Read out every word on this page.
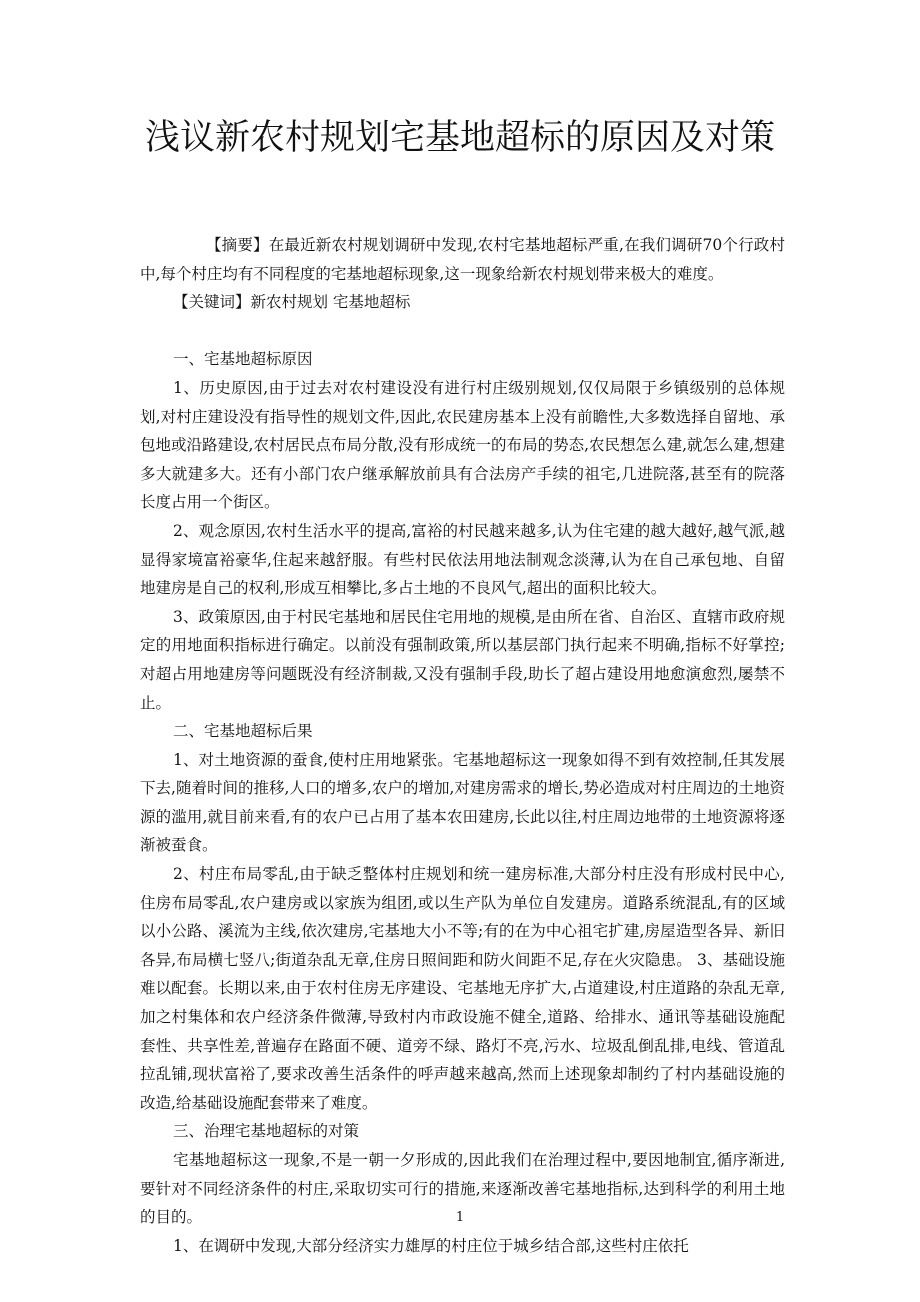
浅议新农村规划宅基地超标的原因及对策

【摘要】在最近新农村规划调研中发现,农村宅基地超标严重,在我们调研70个行政村中,每个村庄均有不同程度的宅基地超标现象,这一现象给新农村规划带来极大的难度。

【关键词】新农村规划 宅基地超标

一、宅基地超标原因

1、历史原因,由于过去对农村建设没有进行村庄级别规划,仅仅局限于乡镇级别的总体规划,对村庄建设没有指导性的规划文件,因此,农民建房基本上没有前瞻性,大多数选择自留地、承包地或沿路建设,农村居民点布局分散,没有形成统一的布局的势态,农民想怎么建,就怎么建,想建多大就建多大。还有小部门农户继承解放前具有合法房产手续的祖宅,几进院落,甚至有的院落长度占用一个街区。

2、观念原因,农村生活水平的提高,富裕的村民越来越多,认为住宅建的越大越好,越气派,越显得家境富裕豪华,住起来越舒服。有些村民依法用地法制观念淡薄,认为在自己承包地、自留地建房是自己的权利,形成互相攀比,多占土地的不良风气,超出的面积比较大。

3、政策原因,由于村民宅基地和居民住宅用地的规模,是由所在省、自治区、直辖市政府规定的用地面积指标进行确定。以前没有强制政策,所以基层部门执行起来不明确,指标不好掌控;对超占用地建房等问题既没有经济制裁,又没有强制手段,助长了超占建设用地愈演愈烈,屡禁不止。

二、宅基地超标后果

1、对土地资源的蚕食,使村庄用地紧张。宅基地超标这一现象如得不到有效控制,任其发展下去,随着时间的推移,人口的增多,农户的增加,对建房需求的增长,势必造成对村庄周边的土地资源的滥用,就目前来看,有的农户已占用了基本农田建房,长此以往,村庄周边地带的土地资源将逐渐被蚕食。

2、村庄布局零乱,由于缺乏整体村庄规划和统一建房标准,大部分村庄没有形成村民中心,住房布局零乱,农户建房或以家族为组团,或以生产队为单位自发建房。道路系统混乱,有的区域以小公路、溪流为主线,依次建房,宅基地大小不等;有的在为中心祖宅扩建,房屋造型各异、新旧各异,布局横七竖八;街道杂乱无章,住房日照间距和防火间距不足,存在火灾隐患。 3、基础设施难以配套。长期以来,由于农村住房无序建设、宅基地无序扩大,占道建设,村庄道路的杂乱无章,加之村集体和农户经济条件微薄,导致村内市政设施不健全,道路、给排水、通讯等基础设施配套性、共享性差,普遍存在路面不硬、道旁不绿、路灯不亮,污水、垃圾乱倒乱排,电线、管道乱拉乱铺,现状富裕了,要求改善生活条件的呼声越来越高,然而上述现象却制约了村内基础设施的改造,给基础设施配套带来了难度。

三、治理宅基地超标的对策

宅基地超标这一现象,不是一朝一夕形成的,因此我们在治理过程中,要因地制宜,循序渐进,要针对不同经济条件的村庄,采取切实可行的措施,来逐渐改善宅基地指标,达到科学的利用土地的目的。

1、在调研中发现,大部分经济实力雄厚的村庄位于城乡结合部,这些村庄依托

1
